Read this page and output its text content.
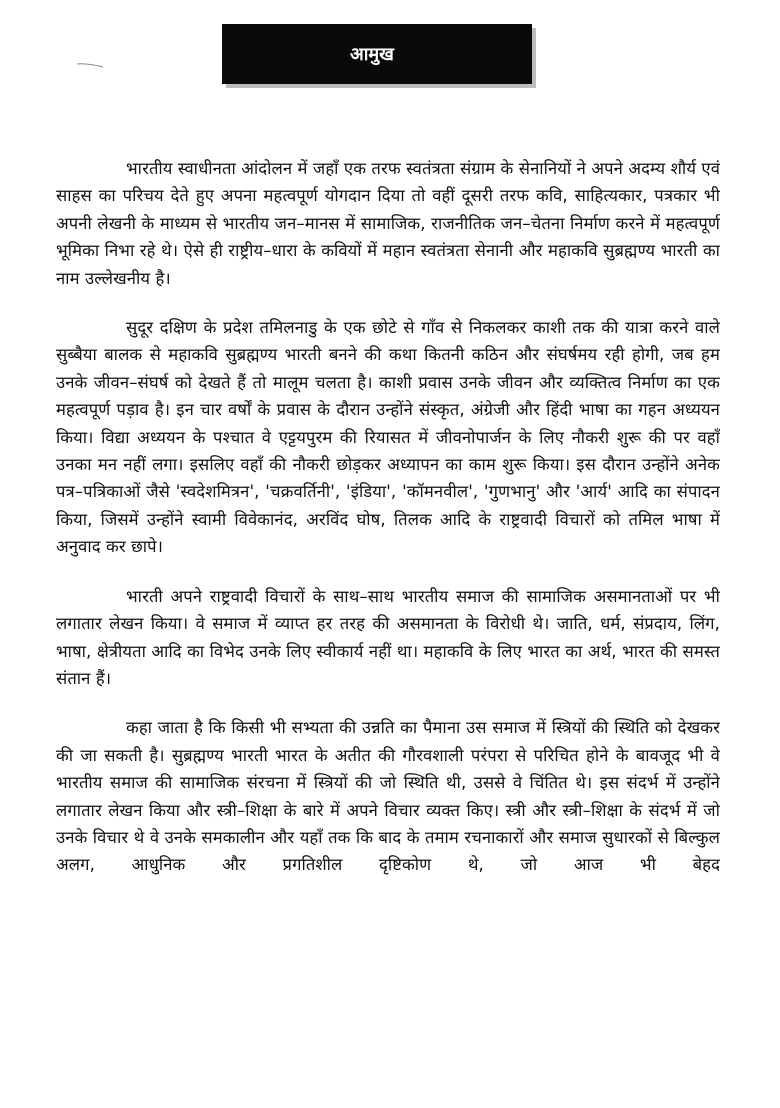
आमुख

भारतीय स्वाधीनता आंदोलन में जहाँ एक तरफ स्वतंत्रता संग्राम के सेनानियों ने अपने अदम्य शौर्य एवं साहस का परिचय देते हुए अपना महत्वपूर्ण योगदान दिया तो वहीं दूसरी तरफ कवि, साहित्यकार, पत्रकार भी अपनी लेखनी के माध्यम से भारतीय जन–मानस में सामाजिक, राजनीतिक जन–चेतना निर्माण करने में महत्वपूर्ण भूमिका निभा रहे थे। ऐसे ही राष्ट्रीय–धारा के कवियों में महान स्वतंत्रता सेनानी और महाकवि सुब्रह्मण्य भारती का नाम उल्लेखनीय है।

सुदूर दक्षिण के प्रदेश तमिलनाडु के एक छोटे से गाँव से निकलकर काशी तक की यात्रा करने वाले सुब्बैया बालक से महाकवि सुब्रह्मण्य भारती बनने की कथा कितनी कठिन और संघर्षमय रही होगी, जब हम उनके जीवन–संघर्ष को देखते हैं तो मालूम चलता है। काशी प्रवास उनके जीवन और व्यक्तित्व निर्माण का एक महत्वपूर्ण पड़ाव है। इन चार वर्षों के प्रवास के दौरान उन्होंने संस्कृत, अंग्रेजी और हिंदी भाषा का गहन अध्ययन किया। विद्या अध्ययन के पश्चात वे एट्टयपुरम की रियासत में जीवनोपार्जन के लिए नौकरी शुरू की पर वहाँ उनका मन नहीं लगा। इसलिए वहाँ की नौकरी छोड़कर अध्यापन का काम शुरू किया। इस दौरान उन्होंने अनेक पत्र–पत्रिकाओं जैसे 'स्वदेशमित्रन', 'चक्रवर्तिनी', 'इंडिया', 'कॉमनवील', 'गुणभानु' और 'आर्य' आदि का संपादन किया, जिसमें उन्होंने स्वामी विवेकानंद, अरविंद घोष, तिलक आदि के राष्ट्रवादी विचारों को तमिल भाषा में अनुवाद कर छापे।

भारती अपने राष्ट्रवादी विचारों के साथ–साथ भारतीय समाज की सामाजिक असमानताओं पर भी लगातार लेखन किया। वे समाज में व्याप्त हर तरह की असमानता के विरोधी थे। जाति, धर्म, संप्रदाय, लिंग, भाषा, क्षेत्रीयता आदि का विभेद उनके लिए स्वीकार्य नहीं था। महाकवि के लिए भारत का अर्थ, भारत की समस्त संतान हैं।

कहा जाता है कि किसी भी सभ्यता की उन्नति का पैमाना उस समाज में स्त्रियों की स्थिति को देखकर की जा सकती है। सुब्रह्मण्य भारती भारत के अतीत की गौरवशाली परंपरा से परिचित होने के बावजूद भी वे भारतीय समाज की सामाजिक संरचना में स्त्रियों की जो स्थिति थी, उससे वे चिंतित थे। इस संदर्भ में उन्होंने लगातार लेखन किया और स्त्री–शिक्षा के बारे में अपने विचार व्यक्त किए। स्त्री और स्त्री–शिक्षा के संदर्भ में जो उनके विचार थे वे उनके समकालीन और यहाँ तक कि बाद के तमाम रचनाकारों और समाज सुधारकों से बिल्कुल अलग, आधुनिक और प्रगतिशील दृष्टिकोण थे, जो आज भी बेहद
